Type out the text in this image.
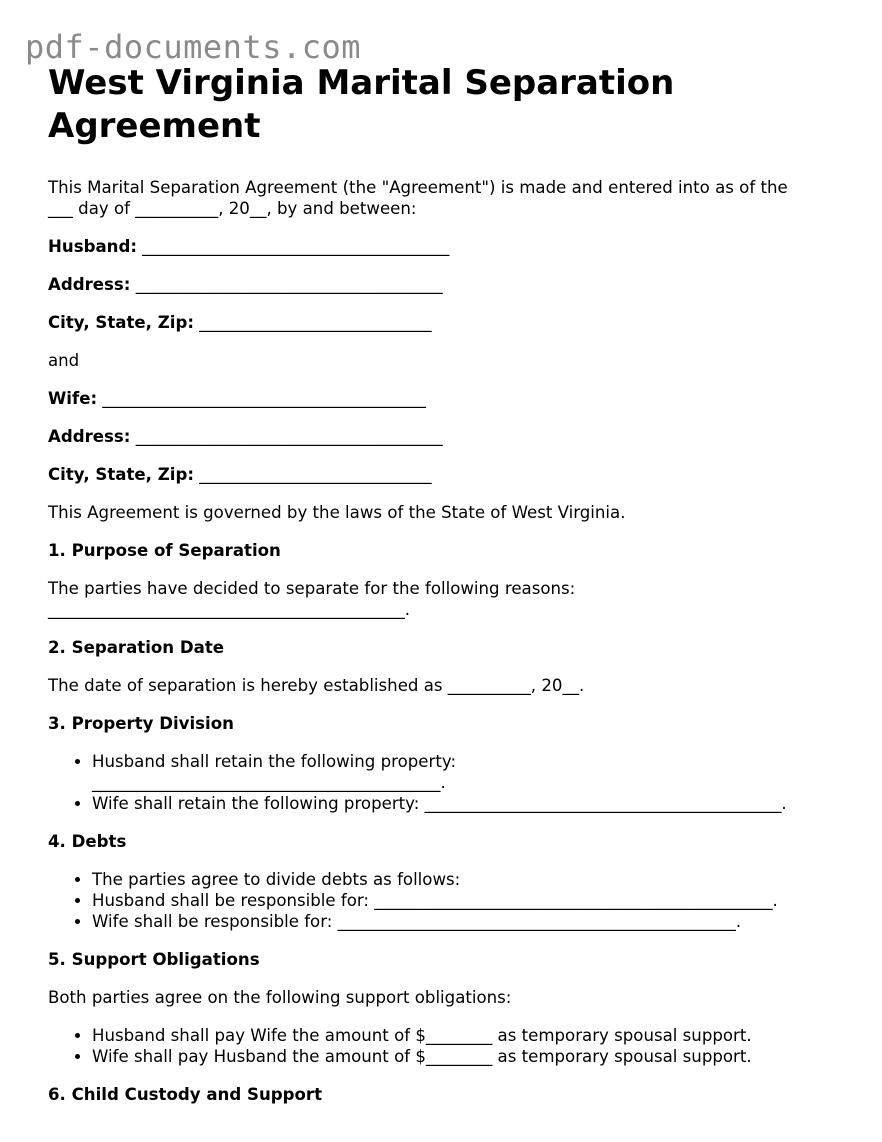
pdf-documents.com
West Virginia Marital Separation Agreement

This Marital Separation Agreement (the "Agreement") is made and entered into as of the
___ day of __________, 20__, by and between:

Husband: _____________________________________

Address: _____________________________________

City, State, Zip: ____________________________

and

Wife: _______________________________________

Address: _____________________________________

City, State, Zip: ____________________________

This Agreement is governed by the laws of the State of West Virginia.

1. Purpose of Separation

The parties have decided to separate for the following reasons:
___________________________________________.

2. Separation Date

The date of separation is hereby established as __________, 20__.

3. Property Division
• Husband shall retain the following property:
__________________________________________.
• Wife shall retain the following property: ___________________________________________.
4. Debts
• The parties agree to divide debts as follows:
• Husband shall be responsible for: ________________________________________________.
• Wife shall be responsible for: ________________________________________________.
5. Support Obligations

Both parties agree on the following support obligations:

• Husband shall pay Wife the amount of $________ as temporary spousal support.
• Wife shall pay Husband the amount of $________ as temporary spousal support.
6. Child Custody and Support
